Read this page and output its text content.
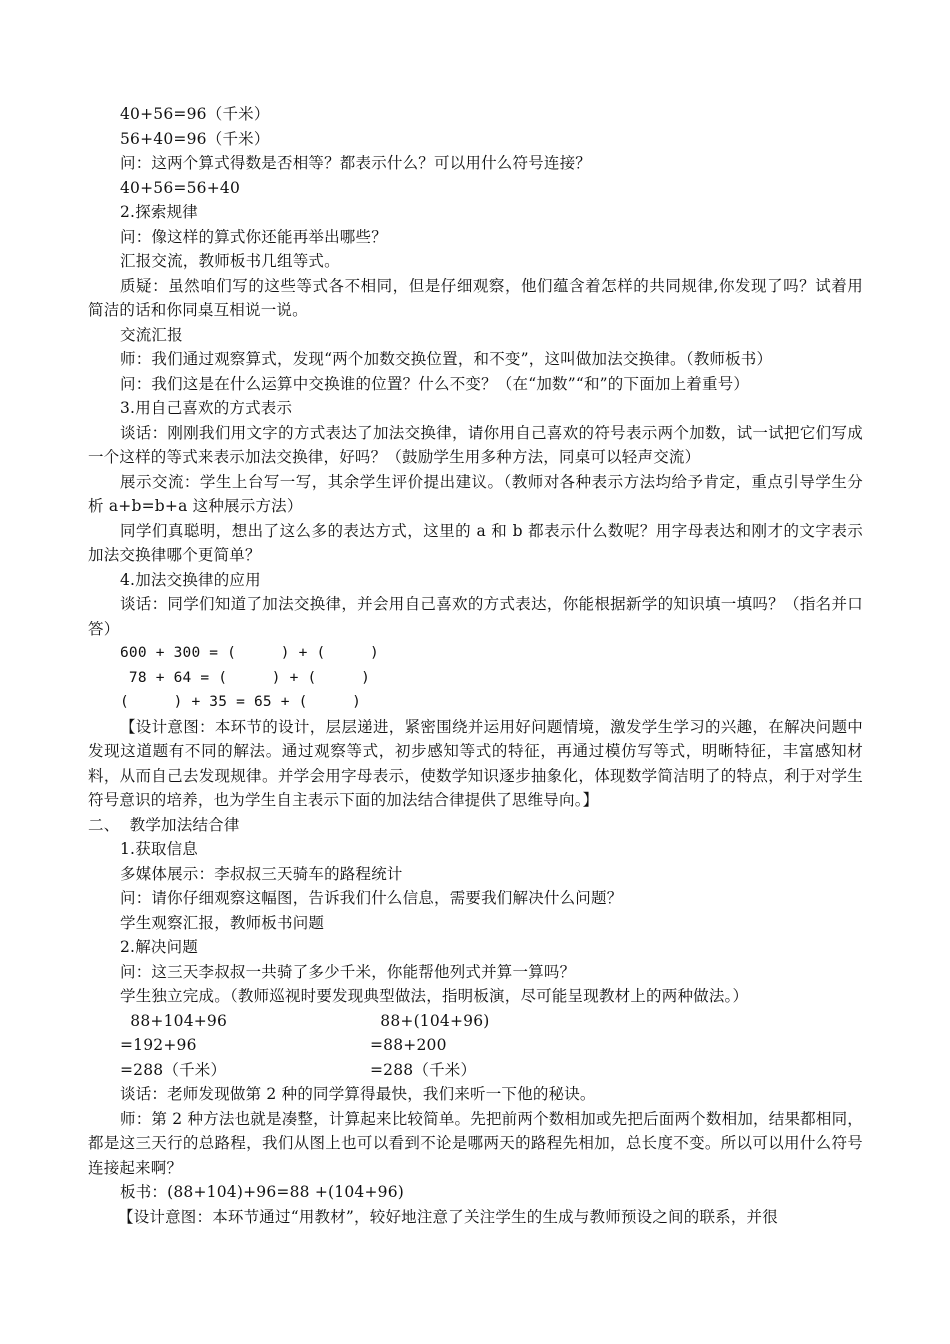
40+56=96（千米）
56+40=96（千米）
问：这两个算式得数是否相等？都表示什么？可以用什么符号连接？
40+56=56+40
2.探索规律
问：像这样的算式你还能再举出哪些？
汇报交流，教师板书几组等式。
质疑：虽然咱们写的这些等式各不相同，但是仔细观察，他们蕴含着怎样的共同规律,你发现了吗？试着用简洁的话和你同桌互相说一说。
交流汇报
师：我们通过观察算式，发现“两个加数交换位置，和不变”，这叫做加法交换律。（教师板书）
问：我们这是在什么运算中交换谁的位置？什么不变？（在“加数”“和”的下面加上着重号）
3.用自己喜欢的方式表示
谈话：刚刚我们用文字的方式表达了加法交换律，请你用自己喜欢的符号表示两个加数，试一试把它们写成一个这样的等式来表示加法交换律，好吗？（鼓励学生用多种方法，同桌可以轻声交流）
展示交流：学生上台写一写，其余学生评价提出建议。（教师对各种表示方法均给予肯定，重点引导学生分析 a+b=b+a 这种展示方法）
同学们真聪明，想出了这么多的表达方式，这里的 a 和 b 都表示什么数呢？用字母表达和刚才的文字表示加法交换律哪个更简单？
4.加法交换律的应用
谈话：同学们知道了加法交换律，并会用自己喜欢的方式表达，你能根据新学的知识填一填吗？（指名并口答）
600 + 300 = (     ) + (     )
78 + 64 = (     ) + (     )
(     ) + 35 = 65 + (     )
【设计意图：本环节的设计，层层递进，紧密围绕并运用好问题情境，激发学生学习的兴趣，在解决问题中发现这道题有不同的解法。通过观察等式，初步感知等式的特征，再通过模仿写等式，明晰特征，丰富感知材料，从而自己去发现规律。并学会用字母表示，使数学知识逐步抽象化，体现数学简洁明了的特点，利于对学生符号意识的培养，也为学生自主表示下面的加法结合律提供了思维导向。】
二、  教学加法结合律
1.获取信息
多媒体展示：李叔叔三天骑车的路程统计
问：请你仔细观察这幅图，告诉我们什么信息，需要我们解决什么问题？
学生观察汇报，教师板书问题
2.解决问题
问：这三天李叔叔一共骑了多少千米，你能帮他列式并算一算吗？
学生独立完成。（教师巡视时要发现典型做法，指明板演，尽可能呈现教材上的两种做法。）
88+104+96	88+(104+96)
=192+96	=88+200
=288（千米）	=288（千米）
谈话：老师发现做第 2 种的同学算得最快，我们来听一下他的秘诀。
师：第 2 种方法也就是凑整，计算起来比较简单。先把前两个数相加或先把后面两个数相加，结果都相同，都是这三天行的总路程，我们从图上也可以看到不论是哪两天的路程先相加，总长度不变。所以可以用什么符号连接起来啊？
板书：(88+104)+96=88 +(104+96)
【设计意图：本环节通过“用教材”，较好地注意了关注学生的生成与教师预设之间的联系，并很
